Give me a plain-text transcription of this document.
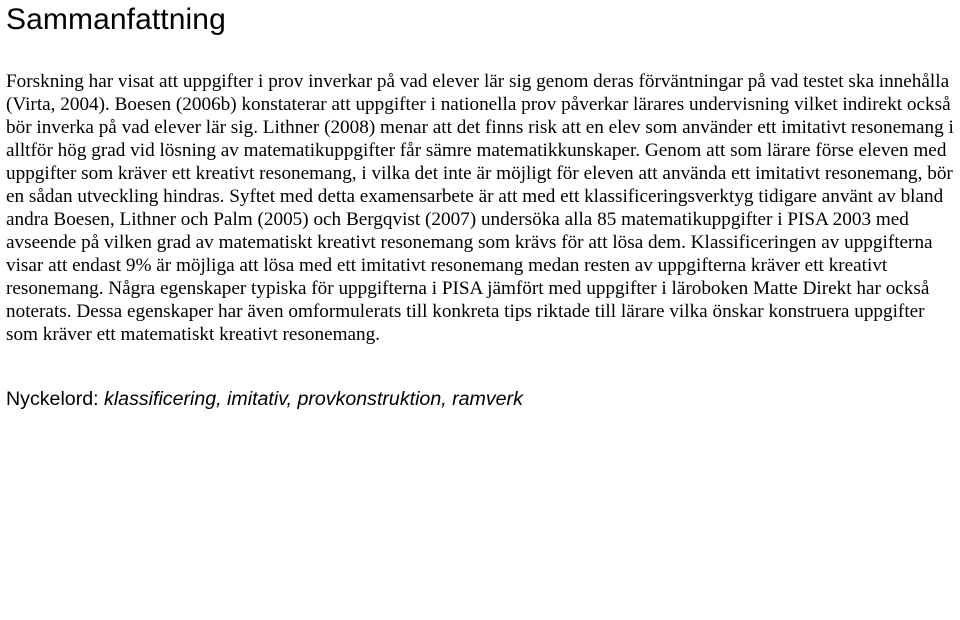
Sammanfattning

Forskning har visat att uppgifter i prov inverkar på vad elever lär sig genom deras förväntningar på vad testet ska innehålla (Virta, 2004). Boesen (2006b) konstaterar att uppgifter i nationella prov påverkar lärares undervisning vilket indirekt också bör inverka på vad elever lär sig. Lithner (2008) menar att det finns risk att en elev som använder ett imitativt resonemang i alltför hög grad vid lösning av matematikuppgifter får sämre matematikkunskaper. Genom att som lärare förse eleven med uppgifter som kräver ett kreativt resonemang, i vilka det inte är möjligt för eleven att använda ett imitativt resonemang, bör en sådan utveckling hindras. Syftet med detta examensarbete är att med ett klassificeringsverktyg tidigare använt av bland andra Boesen, Lithner och Palm (2005) och Bergqvist (2007) undersöka alla 85 matematikuppgifter i PISA 2003 med avseende på vilken grad av matematiskt kreativt resonemang som krävs för att lösa dem. Klassificeringen av uppgifterna visar att endast 9% är möjliga att lösa med ett imitativt resonemang medan resten av uppgifterna kräver ett kreativt resonemang. Några egenskaper typiska för uppgifterna i PISA jämfört med uppgifter i läroboken Matte Direkt har också noterats. Dessa egenskaper har även omformulerats till konkreta tips riktade till lärare vilka önskar konstruera uppgifter som kräver ett matematiskt kreativt resonemang.

Nyckelord: klassificering, imitativ, provkonstruktion, ramverk
